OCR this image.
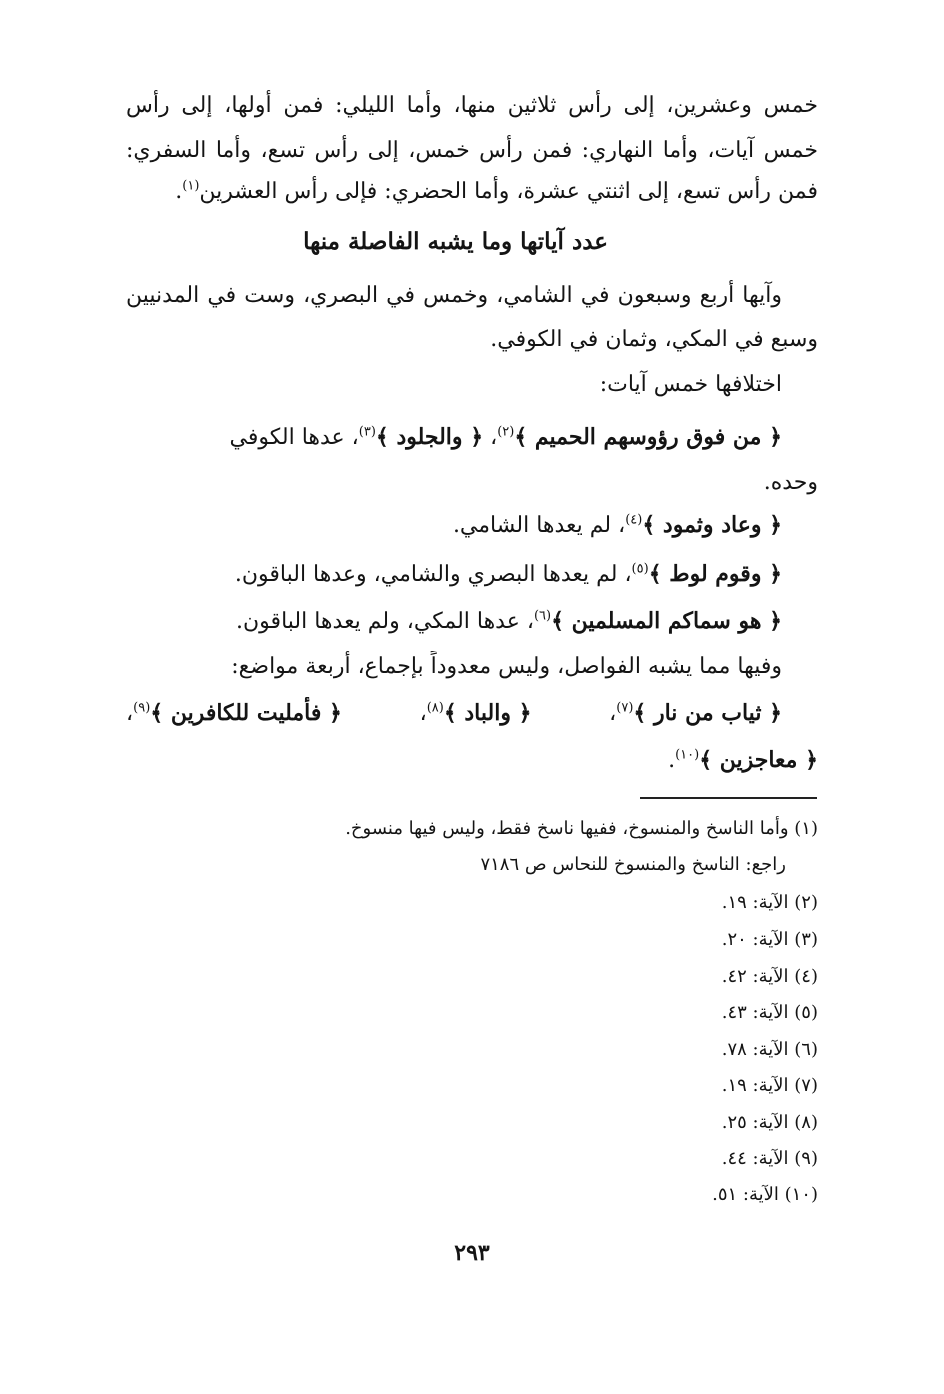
خمس وعشرين، إلى رأس ثلاثين منها، وأما الليلي: فمن أولها، إلى رأس
خمس آيات، وأما النهاري: فمن رأس خمس، إلى رأس تسع، وأما السفري:
فمن رأس تسع، إلى اثنتي عشرة، وأما الحضري: فإلى رأس العشرين$^{(١)}$.
عدد آياتها وما يشبه الفاصلة منها
وآيها أربع وسبعون في الشامي، وخمس في البصري، وست في المدنيين
وسبع في المكي، وثمان في الكوفي.
اختلافها خمس آيات:
﴿ من فوق رؤوسهم الحميم ﴾$^{(٢)}$، ﴿ والجلود ﴾$^{(٣)}$، عدها الكوفي
وحده.
﴿ وعاد وثمود ﴾$^{(٤)}$، لم يعدها الشامي.
﴿ وقوم لوط ﴾$^{(٥)}$، لم يعدها البصري والشامي، وعدها الباقون.
﴿ هو سماكم المسلمين ﴾$^{(٦)}$، عدها المكي، ولم يعدها الباقون.
وفيها مما يشبه الفواصل، وليس معدوداً بإجماع، أربعة مواضع:
﴿ ثياب من نار ﴾$^{(٧)}$،
﴿ والباد ﴾$^{(٨)}$،
﴿ فأمليت للكافرين ﴾$^{(٩)}$،
﴿ معاجزين ﴾$^{(١٠)}$.
(١) وأما الناسخ والمنسوخ، ففيها ناسخ فقط، وليس فيها منسوخ.
راجع: الناسخ والمنسوخ للنحاس ص ٧١٨٦
(٢) الآية: ١٩.
(٣) الآية: ٢٠.
(٤) الآية: ٤٢.
(٥) الآية: ٤٣.
(٦) الآية: ٧٨.
(٧) الآية: ١٩.
(٨) الآية: ٢٥.
(٩) الآية: ٤٤.
(١٠) الآية: ٥١.
٢٩٣
